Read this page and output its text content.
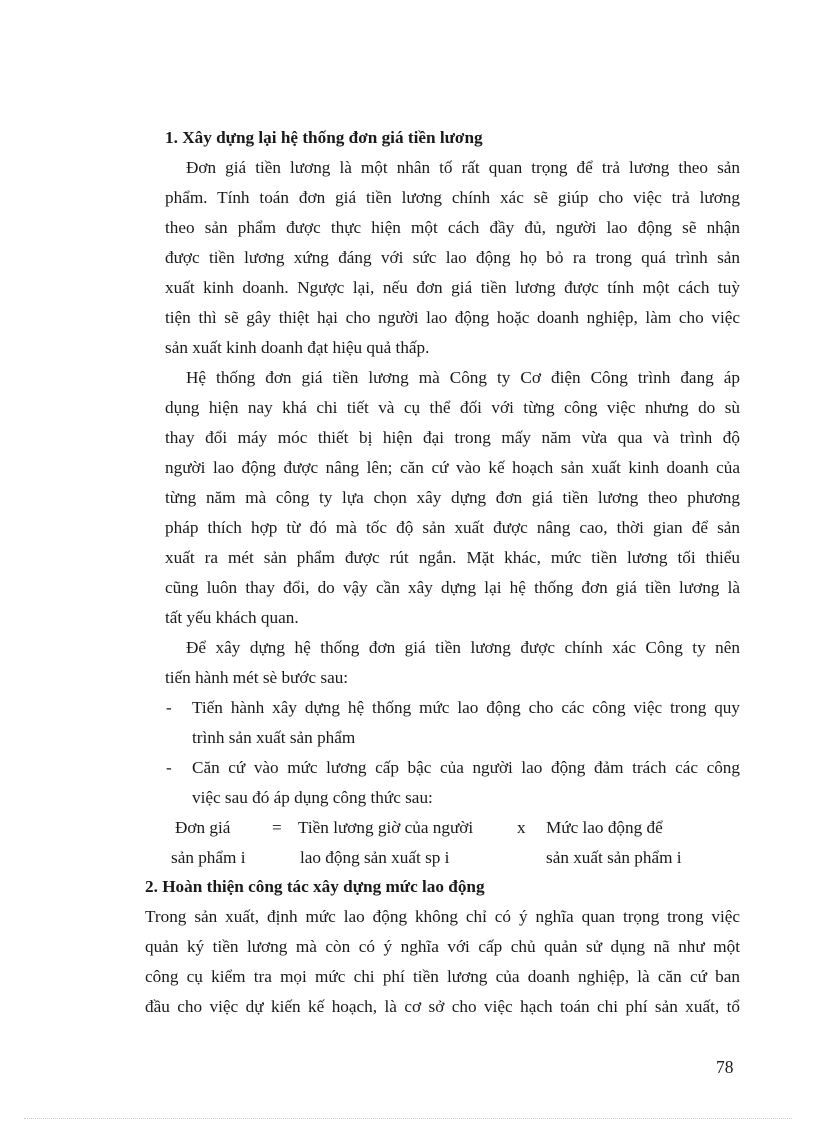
1. Xây dựng lại hệ thống đơn giá tiền lương
Đơn giá tiền lương là một nhân tố rất quan trọng để trả lương theo sản
phẩm. Tính toán đơn giá tiền lương chính xác sẽ giúp cho việc trả lương
theo sản phẩm được thực hiện một cách đầy đủ, người lao động sẽ nhận
được tiền lương xứng đáng với sức lao động họ bỏ ra trong quá trình sản
xuất kinh doanh. Ngược lại, nếu đơn giá tiền lương được tính một cách tuỳ
tiện thì sẽ gây thiệt hại cho người lao động hoặc doanh nghiệp, làm cho việc
sản xuất kinh doanh đạt hiệu quả thấp.
Hệ thống đơn giá tiền lương mà Công ty Cơ điện Công trình đang áp
dụng hiện nay khá chi tiết và cụ thể đối với từng công việc nhưng do sù
thay đổi máy móc thiết bị hiện đại trong mấy năm vừa qua và trình độ
người lao động được nâng lên; căn cứ vào kế hoạch sản xuất kinh doanh của
từng năm mà công ty lựa chọn xây dựng đơn giá tiền lương theo phương
pháp thích hợp từ đó mà tốc độ sản xuất được nâng cao, thời gian để sản
xuất ra mét sản phẩm được rút ngắn. Mặt khác, mức tiền lương tối thiểu
cũng luôn thay đổi, do vậy cần xây dựng lại hệ thống đơn giá tiền lương là
tất yếu khách quan.
Để xây dựng hệ thống đơn giá tiền lương được chính xác Công ty nên
tiến hành mét sè bước sau:
- Tiến hành xây dựng hệ thống mức lao động cho các công việc trong quy
trình sản xuất sản phẩm
- Căn cứ vào mức lương cấp bậc của người lao động đảm trách các công
việc sau đó áp dụng công thức sau:
Đơn giá
sản phẩm i
= Tiền lương giờ của người
lao động sản xuất sp i
x Mức lao động để
sản xuất sản phẩm i
2. Hoàn thiện công tác xây dựng mức lao động
Trong sản xuất, định mức lao động không chỉ có ý nghĩa quan trọng trong việc
quản ký tiền lương mà còn có ý nghĩa với cấp chủ quản sử dụng nã như một
công cụ kiểm tra mọi mức chi phí tiền lương của doanh nghiệp, là căn cứ ban
đầu cho việc dự kiến kế hoạch, là cơ sở cho việc hạch toán chi phí sản xuất, tổ
78
